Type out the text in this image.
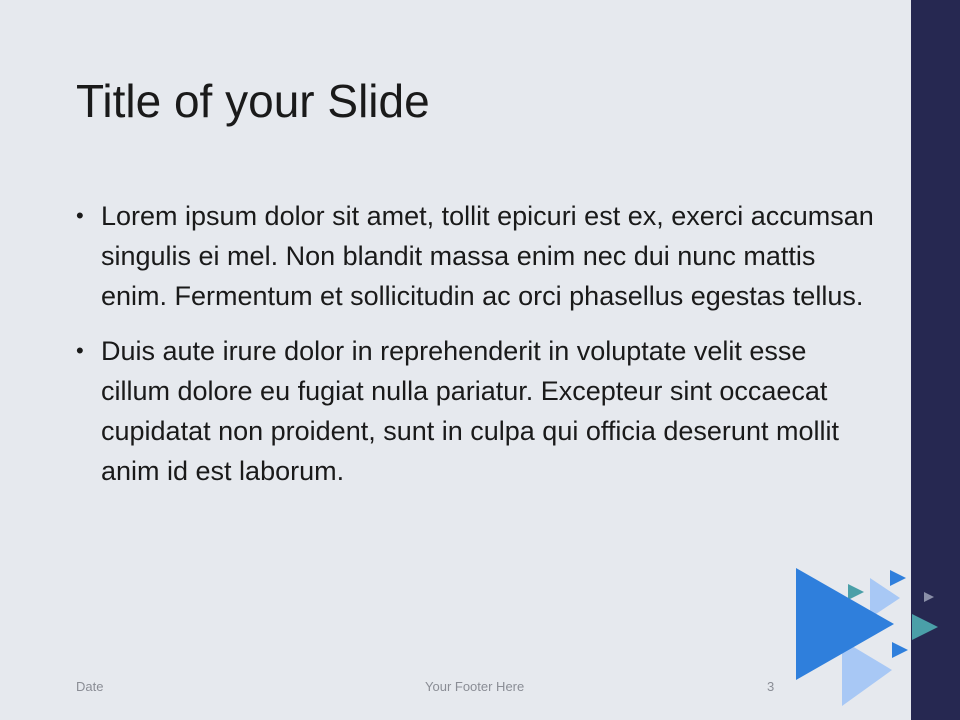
Title of your Slide
• Lorem ipsum dolor sit amet, tollit epicuri est ex, exerci accumsan singulis ei mel. Non blandit massa enim nec dui nunc mattis enim. Fermentum et sollicitudin ac orci phasellus egestas tellus.
• Duis aute irure dolor in reprehenderit in voluptate velit esse cillum dolore eu fugiat nulla pariatur. Excepteur sint occaecat cupidatat non proident, sunt in culpa qui officia deserunt mollit anim id est laborum.
Date	Your Footer Here	3
